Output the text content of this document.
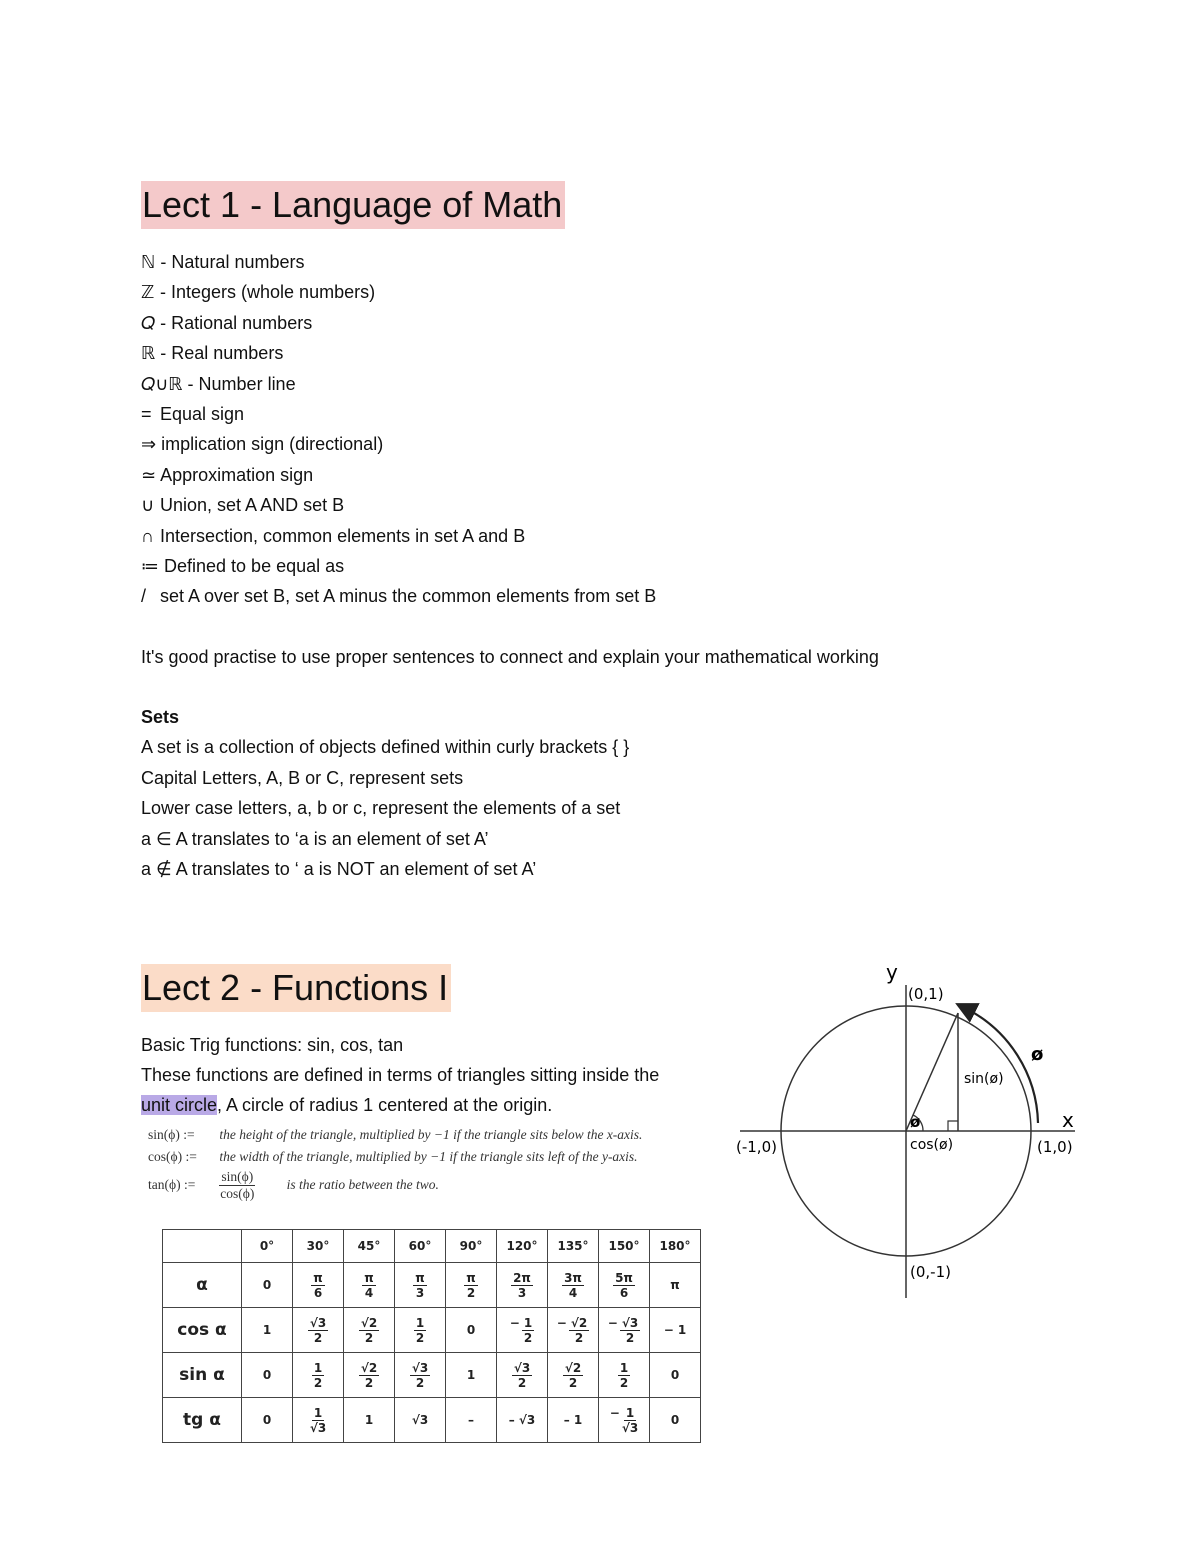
Lect 1 - Language of Math
ℕ - Natural numbers
ℤ - Integers (whole numbers)
𝑄 - Rational numbers
ℝ - Real numbers
𝑄∪ℝ - Number line
= Equal sign
⇒ implication sign (directional)
≃ Approximation sign
∪ Union, set A AND set B
∩ Intersection, common elements in set A and B
≔ Defined to be equal as
/ set A over set B, set A minus the common elements from set B
It's good practise to use proper sentences to connect and explain your mathematical working
Sets
A set is a collection of objects defined within curly brackets { }
Capital Letters, A, B or C, represent sets
Lower case letters, a, b or c, represent the elements of a set
a ∈ A translates to ‘a is an element of set A’
a ∉ A translates to ‘ a is NOT an element of set A’
Lect 2 - Functions I
Basic Trig functions: sin, cos, tan
These functions are defined in terms of triangles sitting inside the
unit circle, A circle of radius 1 centered at the origin.
sin(ϕ) := the height of the triangle, multiplied by −1 if the triangle sits below the x-axis.
cos(ϕ) := the width of the triangle, multiplied by −1 if the triangle sits left of the y-axis.
tan(ϕ) := $\frac{\sin(\phi)}{\cos(\phi)}$ is the ratio between the two.
	0°	30°	45°	60°	90°	120°	135°	150°	180°
α	0	$\frac{\pi}{6}$	$\frac{\pi}{4}$	$\frac{\pi}{3}$	$\frac{\pi}{2}$	$\frac{2\pi}{3}$	$\frac{3\pi}{4}$	$\frac{5\pi}{6}$	π
cos α	1	$\frac{√3}{2}$	$\frac{√2}{2}$	$\frac{1}{2}$	0	− $\frac{1}{2}$	− $\frac{√2}{2}$	− $\frac{√3}{2}$	− 1
sin α	0	$\frac{1}{2}$	$\frac{√2}{2}$	$\frac{√3}{2}$	1	$\frac{√3}{2}$	$\frac{√2}{2}$	$\frac{1}{2}$	0
tg α	0	$\frac{1}{√3}$	1	√3	–	– √3	– 1	− $\frac{1}{√3}$	0
y
x
(0,1)
(-1,0)	(1,0)
(0,-1)
sin(ø)
cos(ø)
ø
ø
